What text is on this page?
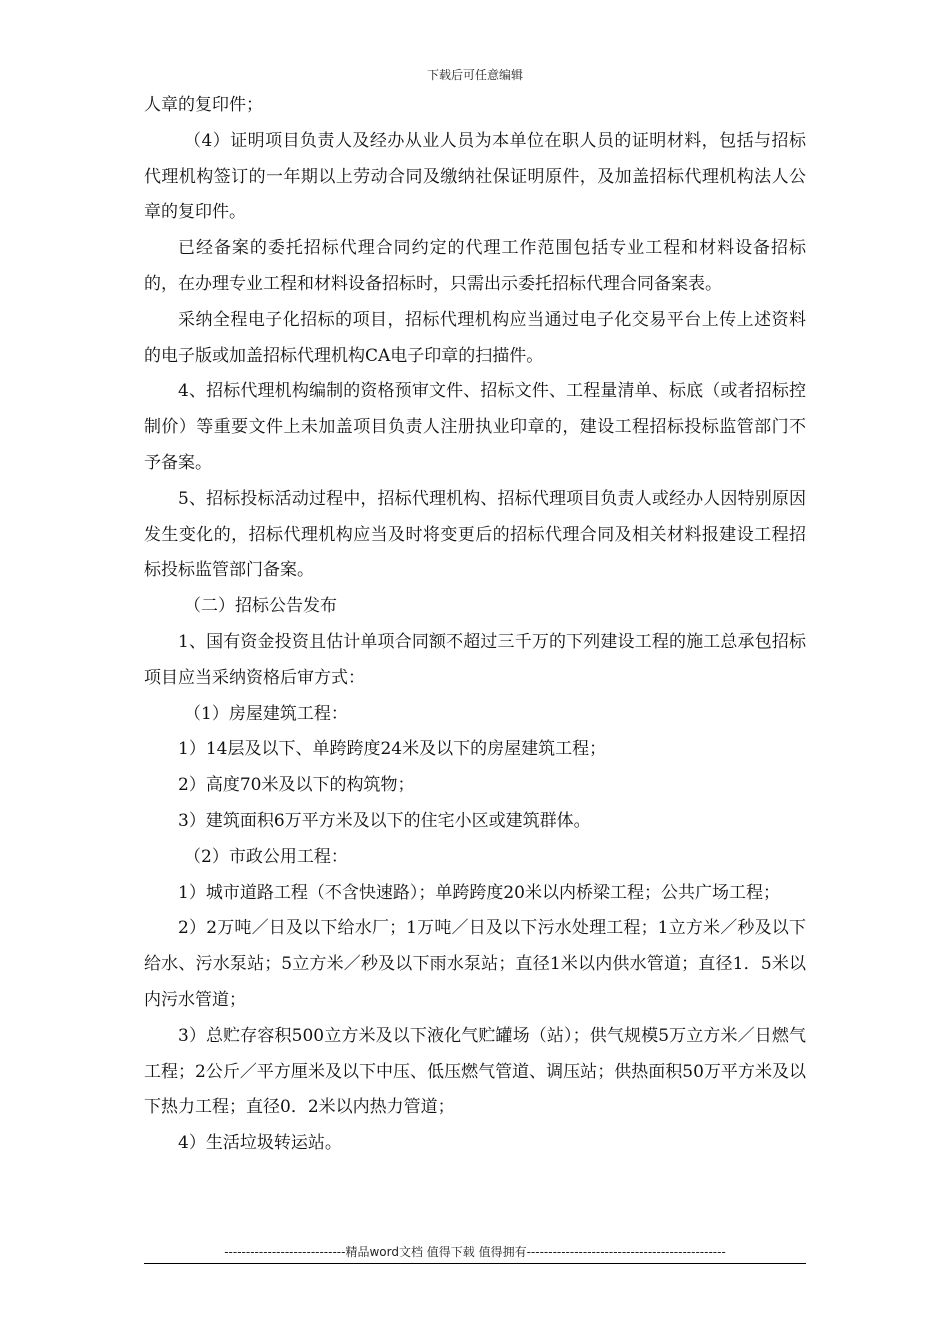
下载后可任意编辑

人章的复印件；

（4）证明项目负责人及经办从业人员为本单位在职人员的证明材料，包括与招标代理机构签订的一年期以上劳动合同及缴纳社保证明原件，及加盖招标代理机构法人公章的复印件。

已经备案的委托招标代理合同约定的代理工作范围包括专业工程和材料设备招标的，在办理专业工程和材料设备招标时，只需出示委托招标代理合同备案表。

采纳全程电子化招标的项目，招标代理机构应当通过电子化交易平台上传上述资料的电子版或加盖招标代理机构CA电子印章的扫描件。

4、招标代理机构编制的资格预审文件、招标文件、工程量清单、标底（或者招标控制价）等重要文件上未加盖项目负责人注册执业印章的，建设工程招标投标监管部门不予备案。

5、招标投标活动过程中，招标代理机构、招标代理项目负责人或经办人因特别原因发生变化的，招标代理机构应当及时将变更后的招标代理合同及相关材料报建设工程招标投标监管部门备案。

（二）招标公告发布

1、国有资金投资且估计单项合同额不超过三千万的下列建设工程的施工总承包招标项目应当采纳资格后审方式：

（1）房屋建筑工程：

1）14层及以下、单跨跨度24米及以下的房屋建筑工程；

2）高度70米及以下的构筑物；

3）建筑面积6万平方米及以下的住宅小区或建筑群体。

（2）市政公用工程：

1）城市道路工程（不含快速路）；单跨跨度20米以内桥梁工程；公共广场工程；

2）2万吨／日及以下给水厂；1万吨／日及以下污水处理工程；1立方米／秒及以下给水、污水泵站；5立方米／秒及以下雨水泵站；直径1米以内供水管道；直径1．5米以内污水管道；

3）总贮存容积500立方米及以下液化气贮罐场（站）；供气规模5万立方米／日燃气工程；2公斤／平方厘米及以下中压、低压燃气管道、调压站；供热面积50万平方米及以下热力工程；直径0．2米以内热力管道；

4）生活垃圾转运站。

----------------------------精品word文档 值得下载 值得拥有----------------------------------------------
